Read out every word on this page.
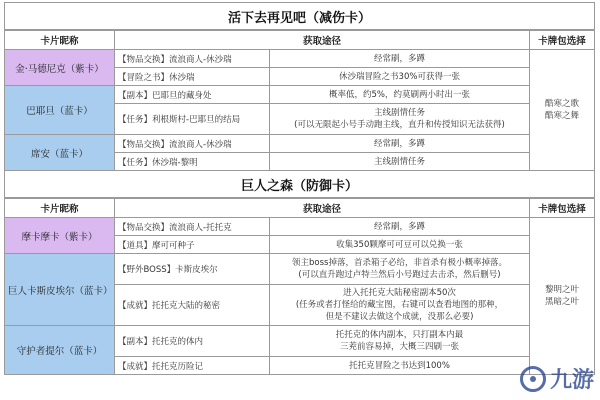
活下去再见吧（减伤卡）			
卡片昵称	获取途径		卡牌包选择
金·马德尼克（紫卡）	【物品交换】流浪商人-休沙瑞	经常刷，多蹲	酷寒之歌
酷寒之舞

	【冒险之书】休沙瑞	休沙瑞冒险之书30%可获得一张	
巴耶旦（蓝卡）	【副本】巴耶旦的藏身处	概率低，约5%，约莫刷两小时出一张	
	【任务】利根斯村-巴耶旦的结局	主线剧情任务
(可以无限起小号手动跑主线，直升和传授知识无法获得)	

席安（蓝卡）	【物品交换】流浪商人-休沙瑞	经常刷，多蹲	
	【任务】休沙瑞-黎明	主线剧情任务	
巨人之森（防御卡）			
卡片昵称	获取途径		卡牌包选择
摩卡摩卡（紫卡）	【物品交换】流浪商人-托托克	经常刷，多蹲	黎明之叶
黑暗之叶

	【道具】摩可可种子	收集350颗摩可可豆可以兑换一张	
巨人卡斯皮埃尔（蓝卡）	【野外BOSS】卡斯皮埃尔	领主boss掉落，首杀箱子必给，非首杀有极小概率掉落。
(可以直升跑过卢特兰然后小号跑过去击杀，然后删号)	

	【成就】托托克大陆的秘密	进入托托克大陆秘密副本50次
(任务或者打怪给的藏宝图，右键可以查看地图的那种，
但是不建议去做这个成就，没那么必要)	

守护者提尔（蓝卡）	【副本】托托克的体内	托托克的体内副本，只打副本内最
三茺前容易掉，大概三四刷一张	

	【成就】托托克历险记	托托克冒险之书达到100%	
九游
